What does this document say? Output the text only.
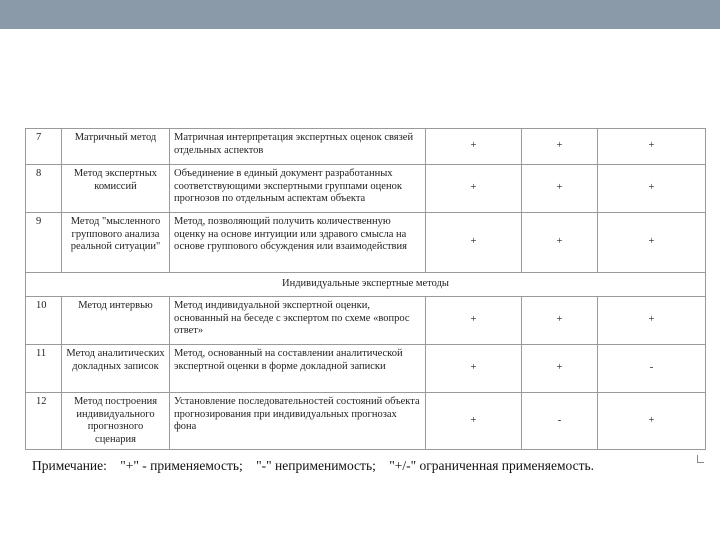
7	Матричный метод	Матричная интерпретация экспертных оценок связей отдельных аспектов	+	+	+
8	Метод экспертных комиссий	Объединение в единый документ разработанных соответствующими экспертными группами оценок прогнозов по отдельным аспектам объекта	+	+	+
9	Метод "мысленного группового анализа реальной ситуации"	Метод, позволяющий получить количественную оценку на основе интуиции или здравого смысла на основе группового обсуждения или взаимодействия	+	+	+
Индивидуальные экспертные методы					
10	Метод интервью	Метод индивидуальной экспертной оценки, основанный на беседе с экспертом по схеме «вопрос ответ»	+	+	+
11	Метод аналитических докладных записок	Метод, основанный на составлении аналитической экспертной оценки в форме докладной записки	+	+	-
12	Метод построения индивидуального прогнозного сценария	Установление последовательностей состояний объекта прогнозирования при индивидуальных прогнозах фона	+	-	+
Примечание: "+" - применяемость; "-" неприменимость; "+/-" ограниченная применяемость.
